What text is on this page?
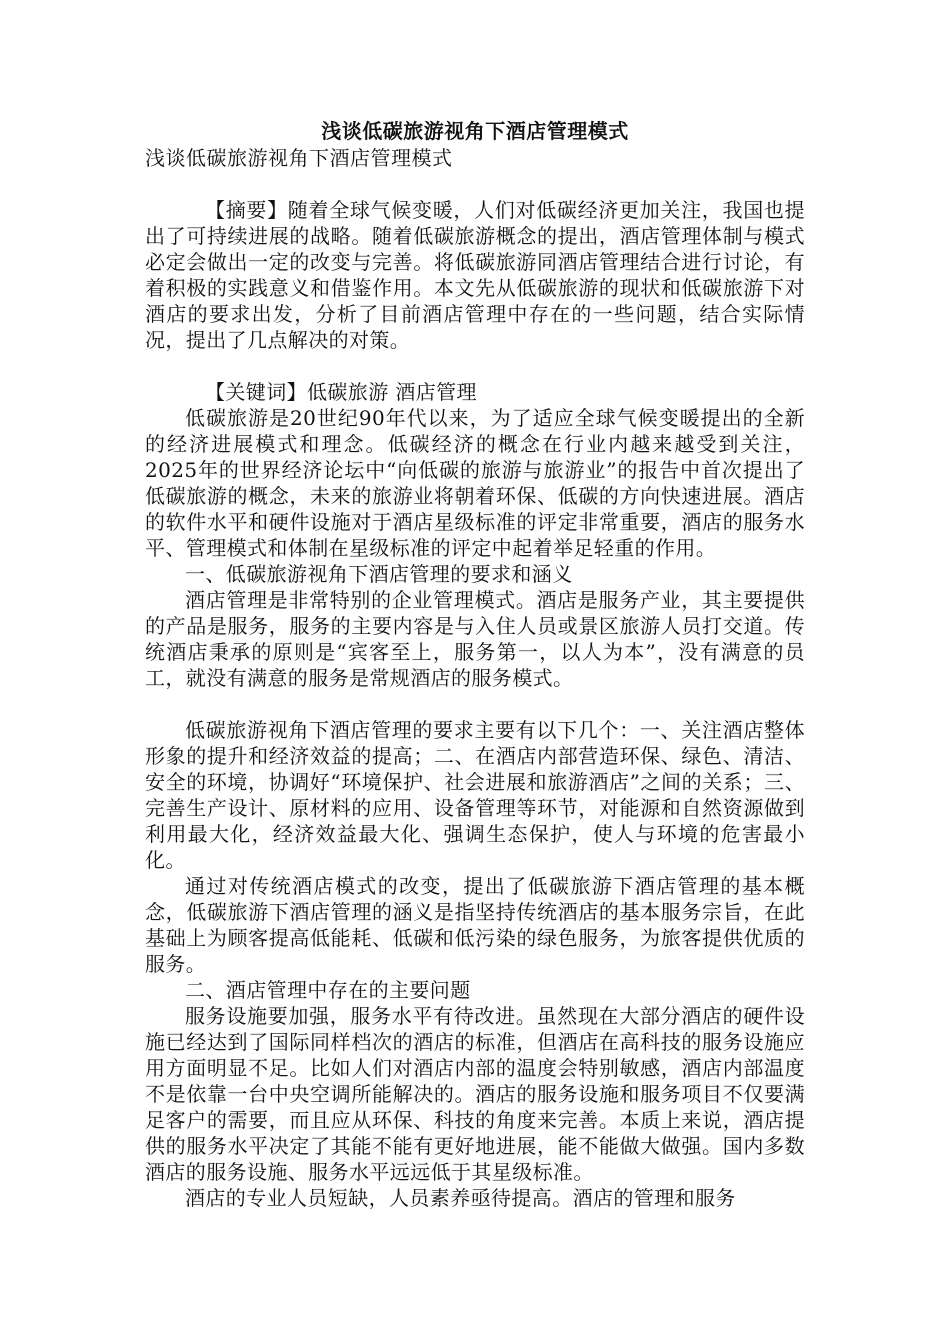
浅谈低碳旅游视角下酒店管理模式
浅谈低碳旅游视角下酒店管理模式

【摘要】随着全球气候变暖，人们对低碳经济更加关注，我国也提出了可持续进展的战略。随着低碳旅游概念的提出，酒店管理体制与模式必定会做出一定的改变与完善。将低碳旅游同酒店管理结合进行讨论，有着积极的实践意义和借鉴作用。本文先从低碳旅游的现状和低碳旅游下对酒店的要求出发，分析了目前酒店管理中存在的一些问题，结合实际情况，提出了几点解决的对策。

【关键词】低碳旅游 酒店管理

低碳旅游是20世纪90年代以来，为了适应全球气候变暖提出的全新的经济进展模式和理念。低碳经济的概念在行业内越来越受到关注，2025年的世界经济论坛中“向低碳的旅游与旅游业”的报告中首次提出了低碳旅游的概念，未来的旅游业将朝着环保、低碳的方向快速进展。酒店的软件水平和硬件设施对于酒店星级标准的评定非常重要，酒店的服务水平、管理模式和体制在星级标准的评定中起着举足轻重的作用。

一、低碳旅游视角下酒店管理的要求和涵义

酒店管理是非常特别的企业管理模式。酒店是服务产业，其主要提供的产品是服务，服务的主要内容是与入住人员或景区旅游人员打交道。传统酒店秉承的原则是“宾客至上，服务第一，以人为本”，没有满意的员工，就没有满意的服务是常规酒店的服务模式。

低碳旅游视角下酒店管理的要求主要有以下几个：一、关注酒店整体形象的提升和经济效益的提高；二、在酒店内部营造环保、绿色、清洁、安全的环境，协调好“环境保护、社会进展和旅游酒店”之间的关系；三、完善生产设计、原材料的应用、设备管理等环节，对能源和自然资源做到利用最大化，经济效益最大化、强调生态保护，使人与环境的危害最小化。

通过对传统酒店模式的改变，提出了低碳旅游下酒店管理的基本概念，低碳旅游下酒店管理的涵义是指坚持传统酒店的基本服务宗旨，在此基础上为顾客提高低能耗、低碳和低污染的绿色服务，为旅客提供优质的服务。

二、酒店管理中存在的主要问题

服务设施要加强，服务水平有待改进。虽然现在大部分酒店的硬件设施已经达到了国际同样档次的酒店的标准，但酒店在高科技的服务设施应用方面明显不足。比如人们对酒店内部的温度会特别敏感，酒店内部温度不是依靠一台中央空调所能解决的。酒店的服务设施和服务项目不仅要满足客户的需要，而且应从环保、科技的角度来完善。本质上来说，酒店提供的服务水平决定了其能不能有更好地进展，能不能做大做强。国内多数酒店的服务设施、服务水平远远低于其星级标准。

酒店的专业人员短缺，人员素养亟待提高。酒店的管理和服务
